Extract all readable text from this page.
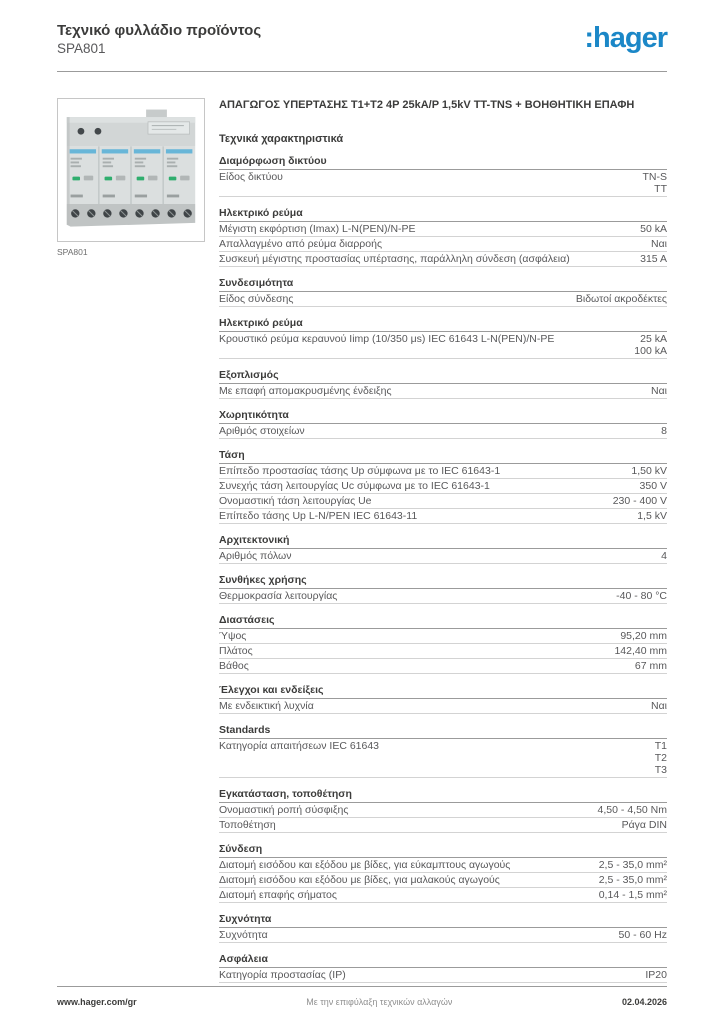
Τεχνικό φυλλάδιο προϊόντος
SPA801	:hager
SPA801
ΑΠΑΓΩΓΟΣ ΥΠΕΡΤΑΣΗΣ Τ1+Τ2 4P 25kA/P 1,5kV TT-TNS + ΒΟΗΘΗΤΙΚΗ ΕΠΑΦΗ
Τεχνικά χαρακτηριστικά
Διαμόρφωση δικτύου
Είδος δικτύου	TN-S
TT
Ηλεκτρικό ρεύμα
Μέγιστη εκφόρτιση (Imax) L-N(PEN)/N-PE	50 kA
Απαλλαγμένο από ρεύμα διαρροής	Ναι
Συσκευή μέγιστης προστασίας υπέρτασης, παράλληλη σύνδεση (ασφάλεια)	315 A
Συνδεσιμότητα
Είδος σύνδεσης	Βιδωτοί ακροδέκτες
Ηλεκτρικό ρεύμα
Κρουστικό ρεύμα κεραυνού Iimp (10/350 μs) IEC 61643 L-N(PEN)/N-PE	25 kA
100 kA
Εξοπλισμός
Με επαφή απομακρυσμένης ένδειξης	Ναι
Χωρητικότητα
Αριθμός στοιχείων	8
Τάση
Επίπεδο προστασίας τάσης Up σύμφωνα με το IEC 61643-1	1,50 kV
Συνεχής τάση λειτουργίας Uc σύμφωνα με το IEC 61643-1	350 V
Ονομαστική τάση λειτουργίας Ue	230 - 400 V
Επίπεδο τάσης Up L-N/PEN IEC 61643-11	1,5 kV
Αρχιτεκτονική
Αριθμός πόλων	4
Συνθήκες χρήσης
Θερμοκρασία λειτουργίας	-40 - 80 °C
Διαστάσεις
Ύψος	95,20 mm
Πλάτος	142,40 mm
Βάθος	67 mm
Έλεγχοι και ενδείξεις
Με ενδεικτική λυχνία	Ναι
Standards
Κατηγορία απαιτήσεων IEC 61643	T1
T2
T3
Εγκατάσταση, τοποθέτηση
Ονομαστική ροπή σύσφιξης	4,50 - 4,50 Nm
Τοποθέτηση	Ράγα DIN
Σύνδεση
Διατομή εισόδου και εξόδου με βίδες, για εύκαμπτους αγωγούς	2,5 - 35,0 mm²
Διατομή εισόδου και εξόδου με βίδες, για μαλακούς αγωγούς	2,5 - 35,0 mm²
Διατομή επαφής σήματος	0,14 - 1,5 mm²
Συχνότητα
Συχνότητα	50 - 60 Hz
Ασφάλεια
Κατηγορία προστασίας (IP)	IP20
www.hager.com/gr	Με την επιφύλαξη τεχνικών αλλαγών	02.04.2026
